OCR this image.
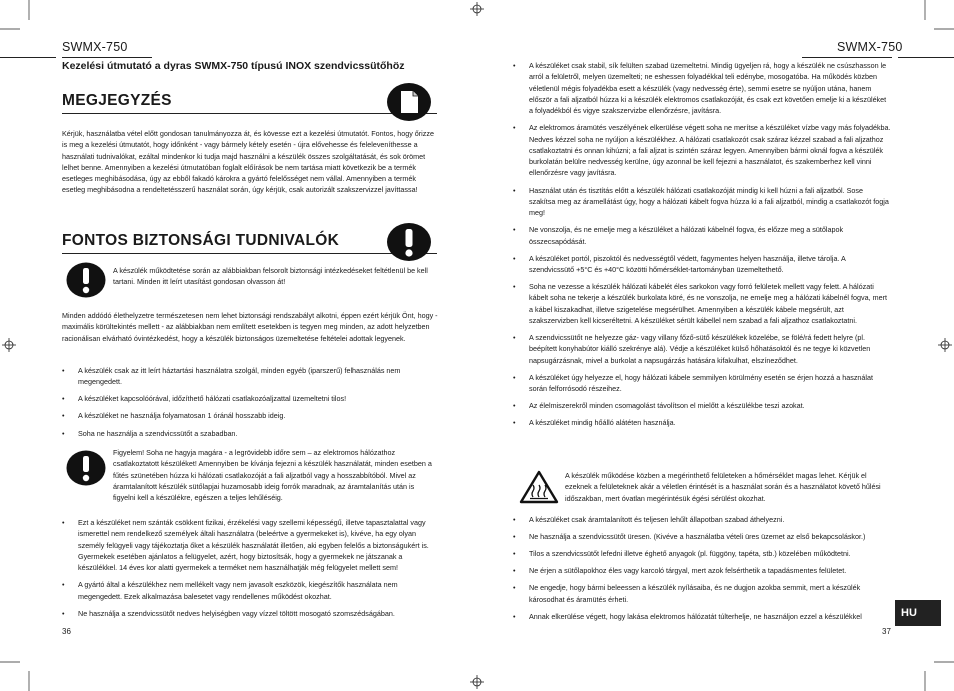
SWMX-750
Kezelési útmutató a dyras SWMX-750 típusú INOX szendvicssütőhöz
MEGJEGYZÉS
Kérjük, használatba vétel előtt gondosan tanulmányozza át, és kövesse ezt a kezelési útmutatót. Fontos, hogy őrizze is meg a kezelési útmutatót, hogy időnként - vagy bármely kétely esetén - újra elővehesse és feleleveníthesse a használati tudnivalókat, ezáltal mindenkor ki tudja majd használni a készülék összes szolgáltatását, és sok örömet lelhet benne. Amennyiben a kezelési útmutatóban foglalt előírások be nem tartása miatt következik be a termék esetleges meghibásodása, úgy az ebből fakadó károkra a gyártó felelősséget nem vállal. Amennyiben a termék esetleg meghibásodna a rendeltetésszerű használat során, úgy kérjük, csak autorizált szakszervizzel javíttassa!
FONTOS BIZTONSÁGI TUDNIVALÓK
A készülék működtetése során az alábbiakban felsorolt biztonsági intézkedéseket feltétlenül be kell tartani. Minden itt leírt utasítást gondosan olvasson át!
Minden addódó élethelyzetre természetesen nem lehet biztonsági rendszabályt alkotni, éppen ezért kérjük Önt, hogy - maximális körültekintés mellett - az alábbiakban nem említett esetekben is tegyen meg minden, az adott helyzetben racionálisan elvárható óvintézkedést, hogy a készülék biztonságos üzemeltetése feltételei adottak legyenek.
• A készülék csak az itt leírt háztartási használatra szolgál, minden egyéb (iparszerű) felhasználás nem megengedett.
• A készüléket kapcsolóórával, időzíthető hálózati csatlakozóaljzattal üzemeltetni tilos!
• A készüléket ne használja folyamatosan 1 óránál hosszabb ideig.
• Soha ne használja a szendvicssütőt a szabadban.
Figyelem! Soha ne hagyja magára - a legrövidebb időre sem – az elektromos hálózathoz csatlakoztatott készüléket! Amennyiben be kívánja fejezni a készülék használatát, minden esetben a fűtés szünetében húzza ki hálózati csatlakozóját a fali aljzatból vagy a hosszabbítóból. Mivel az áramtalanított készülék sütőlapjai huzamosabb ideig forrók maradnak, az áramtalanítás után is figyelni kell a készülékre, egészen a teljes lehűléséig.
• Ezt a készüléket nem szánták csökkent fizikai, érzékelési vagy szellemi képességű, illetve tapasztalattal vagy ismerettel nem rendelkező személyek általi használatra (beleértve a gyermekeket is), kivéve, ha egy olyan személy felügyeli vagy tájékoztatja őket a készülék használatát illetően, aki egyben felelős a biztonságukért is. Gyermekek esetében ajánlatos a felügyelet, azért, hogy biztosítsák, hogy a gyermekek ne játszanak a készülékkel. 14 éves kor alatti gyermekek a terméket nem használhatják még felügyelet mellett sem!
• A gyártó által a készülékhez nem mellékelt vagy nem javasolt eszközök, kiegészítők használata nem megengedett. Ezek alkalmazása balesetet vagy rendellenes működést okozhat.
• Ne használja a szendvicssütőt nedves helyiségben vagy vízzel töltött mosogató szomszédságában.
36
SWMX-750
• A készüléket csak stabil, sík felülten szabad üzemeltetni. Mindig ügyeljen rá, hogy a készülék ne csúszhasson le arról a felületről, melyen üzemelteti; ne eshessen folyadékkal teli edénybe, mosogatóba. Ha működés közben véletlenül mégis folyadékba esett a készülék (vagy nedvesség érte), semmi esetre se nyúljon utána, hanem először a fali aljzatból húzza ki a készülék elektromos csatlakozóját, és csak ezt követően emelje ki a készüléket a folyadékból és vigye szakszervizbe ellenőrzésre, javításra.
• Az elektromos áramütés veszélyének elkerülése végett soha ne merítse a készüléket vízbe vagy más folyadékba. Nedves kézzel soha ne nyúljon a készülékhez. A hálózati csatlakozót csak száraz kézzel szabad a fali aljzathoz csatlakoztatni és onnan kihúzni; a fali aljzat is szintén száraz legyen. Amennyiben bármi oknál fogva a készülék burkolatán belülre nedvesség kerülne, úgy azonnal be kell fejezni a használatot, és szakemberhez kell vinni ellenőrzésre vagy javításra.
• Használat után és tisztítás előtt a készülék hálózati csatlakozóját mindig ki kell húzni a fali aljzatból. Sose szakítsa meg az áramellátást úgy, hogy a hálózati kábelt fogva húzza ki a fali aljzatból, mindig a csatlakozót fogja meg!
• Ne vonszolja, és ne emelje meg a készüléket a hálózati kábelnél fogva, és előzze meg a sütőlapok összecsapódását.
• A készüléket portól, piszoktól és nedvességtől védett, fagymentes helyen használja, illetve tárolja. A szendvicssütő +5°C és +40°C közötti hőmérséklet-tartományban üzemeltethető.
• Soha ne vezesse a készülék hálózati kábelét éles sarkokon vagy forró felületek mellett vagy felett. A hálózati kábelt soha ne tekerje a készülék burkolata köré, és ne vonszolja, ne emelje meg a hálózati kábelnél fogva, mert a kábel kiszakadhat, illetve szigetelése megsérülhet. Amennyiben a készülék kábele megsérült, azt szakszervizben kell kicseréltetni. A készüléket sérült kábellel nem szabad a fali aljzathoz csatlakoztatni.
• A szendvicssütőt ne helyezze gáz- vagy villany főző-sütő készülékek közelébe, se fölé/rá fedett helyre (pl. beépített konyhabútor kiálló szekrénye alá). Védje a készüléket külső hőhatásoktól és ne tegye ki közvetlen napsugárzásnak, mivel a burkolat a napsugárzás hatására kifakulhat, elszíneződhet.
• A készüléket úgy helyezze el, hogy hálózati kábele semmilyen körülmény esetén se érjen hozzá a használat során felforrósodó részeihez.
• Az élelmiszerekről minden csomagolást távolítson el mielőtt a készülékbe teszi azokat.
• A készüléket mindig hőálló alátéten használja.
A készülék működése közben a megérinthető felületeken a hőmérséklet magas lehet. Kérjük el ezeknek a felületeknek akár a véletlen érintését is a használat során és a használatot követő hűlési időszakban, mert óvatlan megérintésük égési sérülést okozhat.
• A készüléket csak áramtalanított és teljesen lehűlt állapotban szabad áthelyezni.
• Ne használja a szendvicssütőt üresen. (Kivéve a használatba vételi üres üzemet az első bekapcsoláskor.)
• Tilos a szendvicssütőt lefedni illetve éghető anyagok (pl. függöny, tapéta, stb.) közelében működtetni.
• Ne érjen a sütőlapokhoz éles vagy karcoló tárgyal, mert azok felsérthetik a tapadásmentes felületet.
• Ne engedje, hogy bármi beleessen a készülék nyílásaiba, és ne dugjon azokba semmit, mert a készülék károsodhat és áramütés érheti.
• Annak elkerülése végett, hogy lakása elektromos hálózatát túlterhelje, ne használjon ezzel a készülékkel	HU
37
